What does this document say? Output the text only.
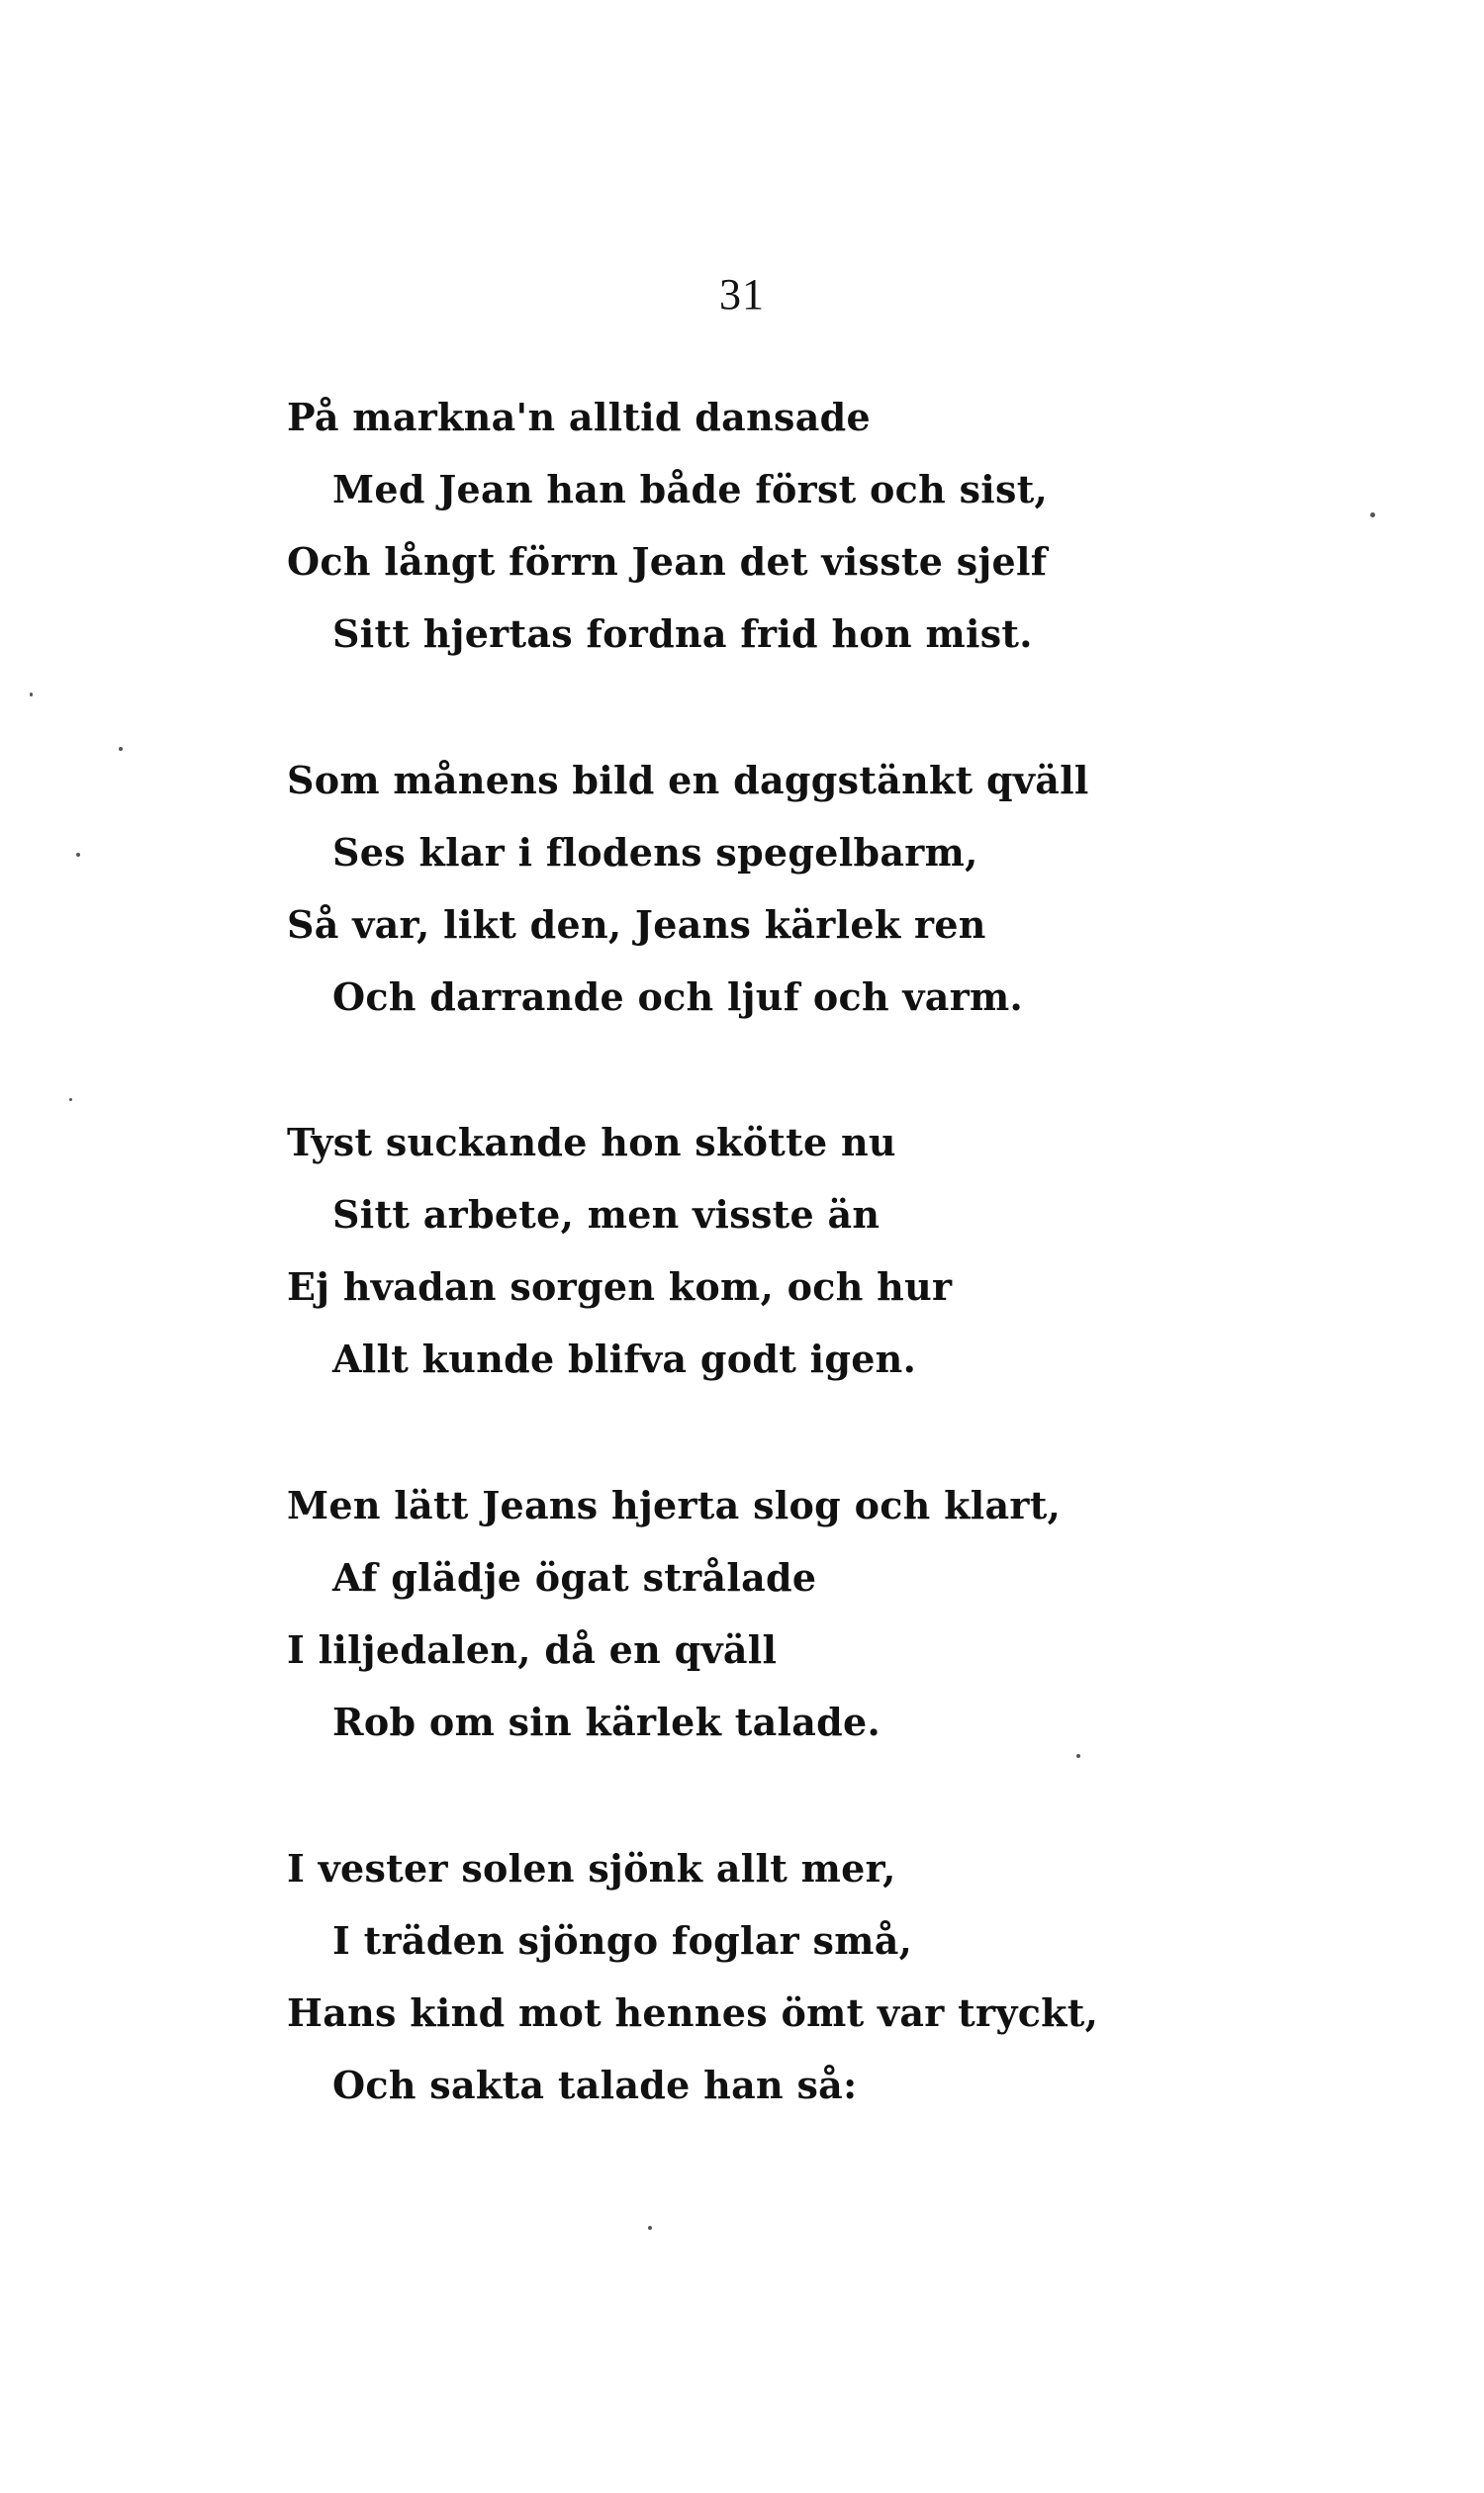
31
På markna'n alltid dansade
Med Jean han både först och sist,
Och långt förrn Jean det visste sjelf
Sitt hjertas fordna frid hon mist.
Som månens bild en daggstänkt qväll
Ses klar i flodens spegelbarm,
Så var, likt den, Jeans kärlek ren
Och darrande och ljuf och varm.
Tyst suckande hon skötte nu
Sitt arbete, men visste än
Ej hvadan sorgen kom, och hur
Allt kunde blifva godt igen.
Men lätt Jeans hjerta slog och klart,
Af glädje ögat strålade
I liljedalen, då en qväll
Rob om sin kärlek talade.
I vester solen sjönk allt mer,
I träden sjöngo foglar små,
Hans kind mot hennes ömt var tryckt,
Och sakta talade han så:
